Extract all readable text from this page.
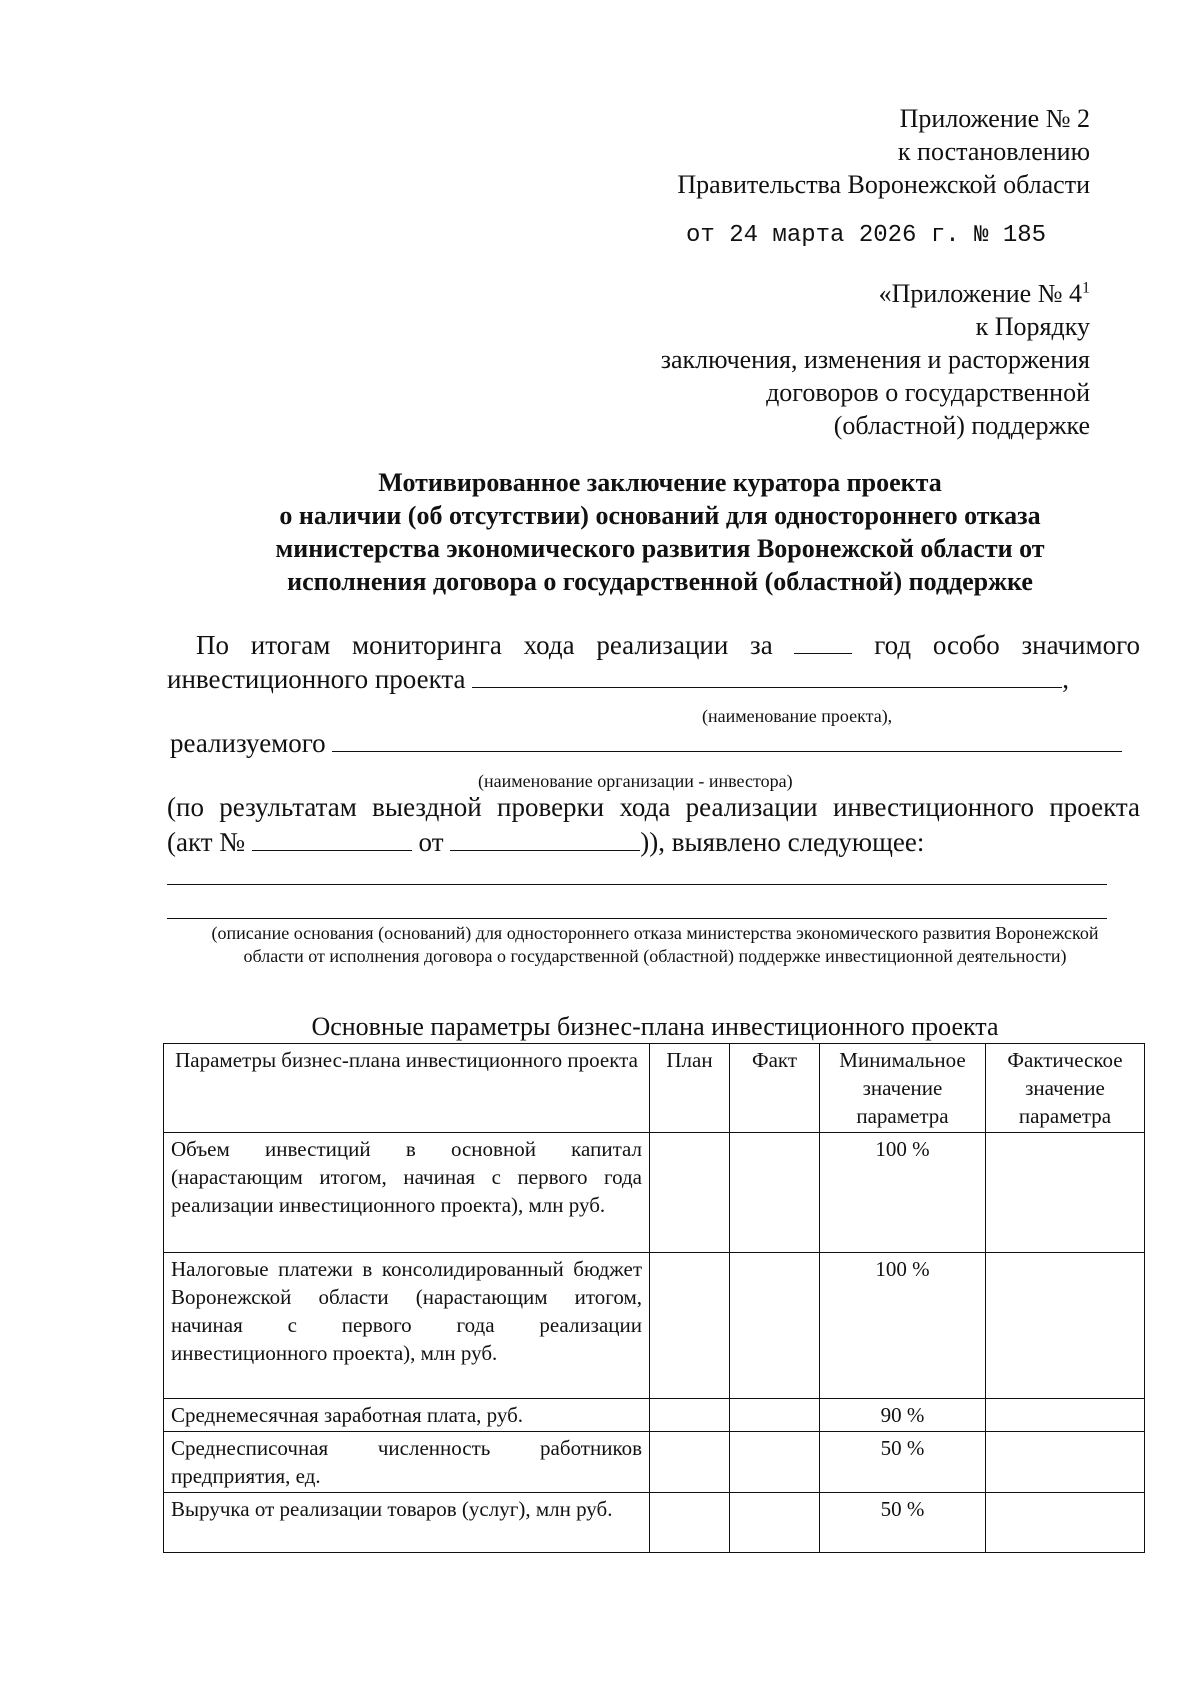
Приложение № 2
к постановлению
Правительства Воронежской области
от 24 марта 2026 г. № 185
«Приложение № $4^1$
к Порядку
заключения, изменения и расторжения
договоров о государственной
(областной) поддержке
Мотивированное заключение куратора проекта
о наличии (об отсутствии) оснований для одностороннего отказа
министерства экономического развития Воронежской области от
исполнения договора о государственной (областной) поддержке
По итогам мониторинга хода реализации за	год особо значимого
инвестиционного проекта	,
(наименование проекта),
реализуемого
(наименование организации - инвестора)
(по результатам выездной проверки хода реализации инвестиционного проекта
(акт №	от	)), выявлено следующее:
(описание основания (оснований) для одностороннего отказа министерства экономического развития Воронежской области от исполнения договора о государственной (областной) поддержке инвестиционной деятельности)
Основные параметры бизнес-плана инвестиционного проекта
Параметры бизнес-плана инвестиционного проекта	План	Факт	Минимальное значение параметра	Фактическое значение параметра
Объем инвестиций в основной капитал (нарастающим итогом, начиная с первого года реализации инвестиционного проекта), млн руб.			100 %	
Налоговые платежи в консолидированный бюджет Воронежской области (нарастающим итогом, начиная с первого года реализации инвестиционного проекта), млн руб.			100 %	
Среднемесячная заработная плата, руб.			90 %	
Среднесписочная численность работников предприятия, ед.			50 %	
Выручка от реализации товаров (услуг), млн руб.			50 %	
